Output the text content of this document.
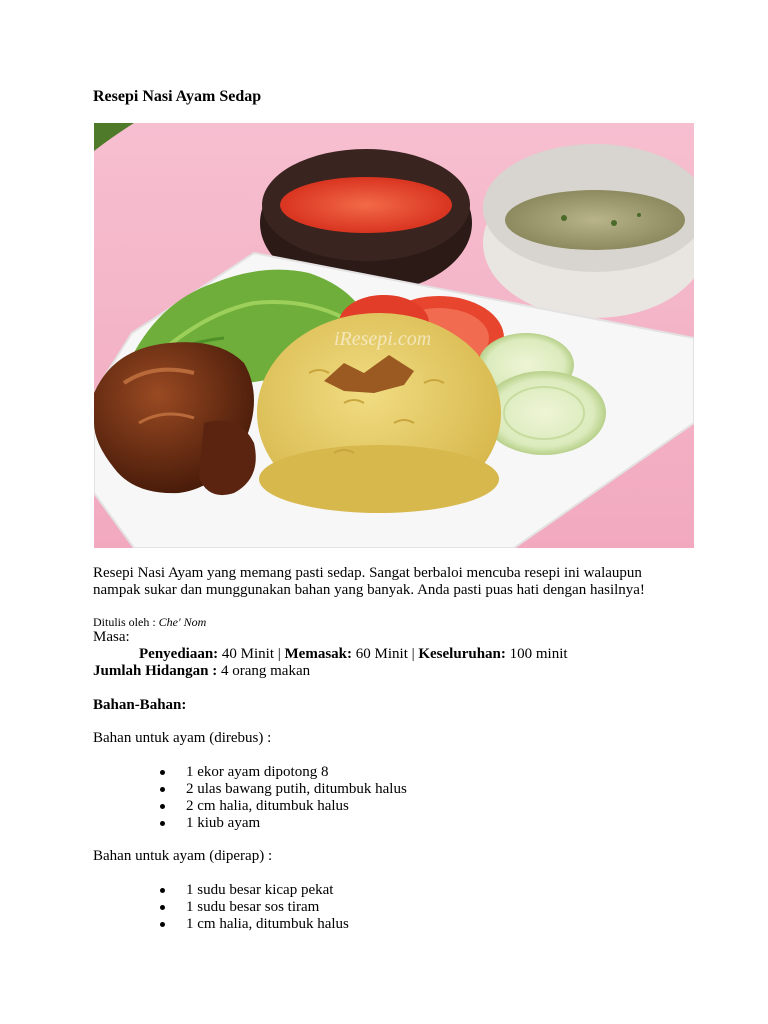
Resepi Nasi Ayam Sedap
iResepi.com

Resepi Nasi Ayam yang memang pasti sedap. Sangat berbaloi mencuba resepi ini walaupun nampak sukar dan munggunakan bahan yang banyak. Anda pasti puas hati dengan hasilnya!

Ditulis oleh : Che' Nom

Masa:

Penyediaan: 40 Minit | Memasak: 60 Minit | Keseluruhan: 100 minit

Jumlah Hidangan : 4 orang makan

Bahan-Bahan:

Bahan untuk ayam (direbus) :

1 ekor ayam dipotong 8
2 ulas bawang putih, ditumbuk halus
2 cm halia, ditumbuk halus
1 kiub ayam

Bahan untuk ayam (diperap) :

1 sudu besar kicap pekat
1 sudu besar sos tiram
1 cm halia, ditumbuk halus
